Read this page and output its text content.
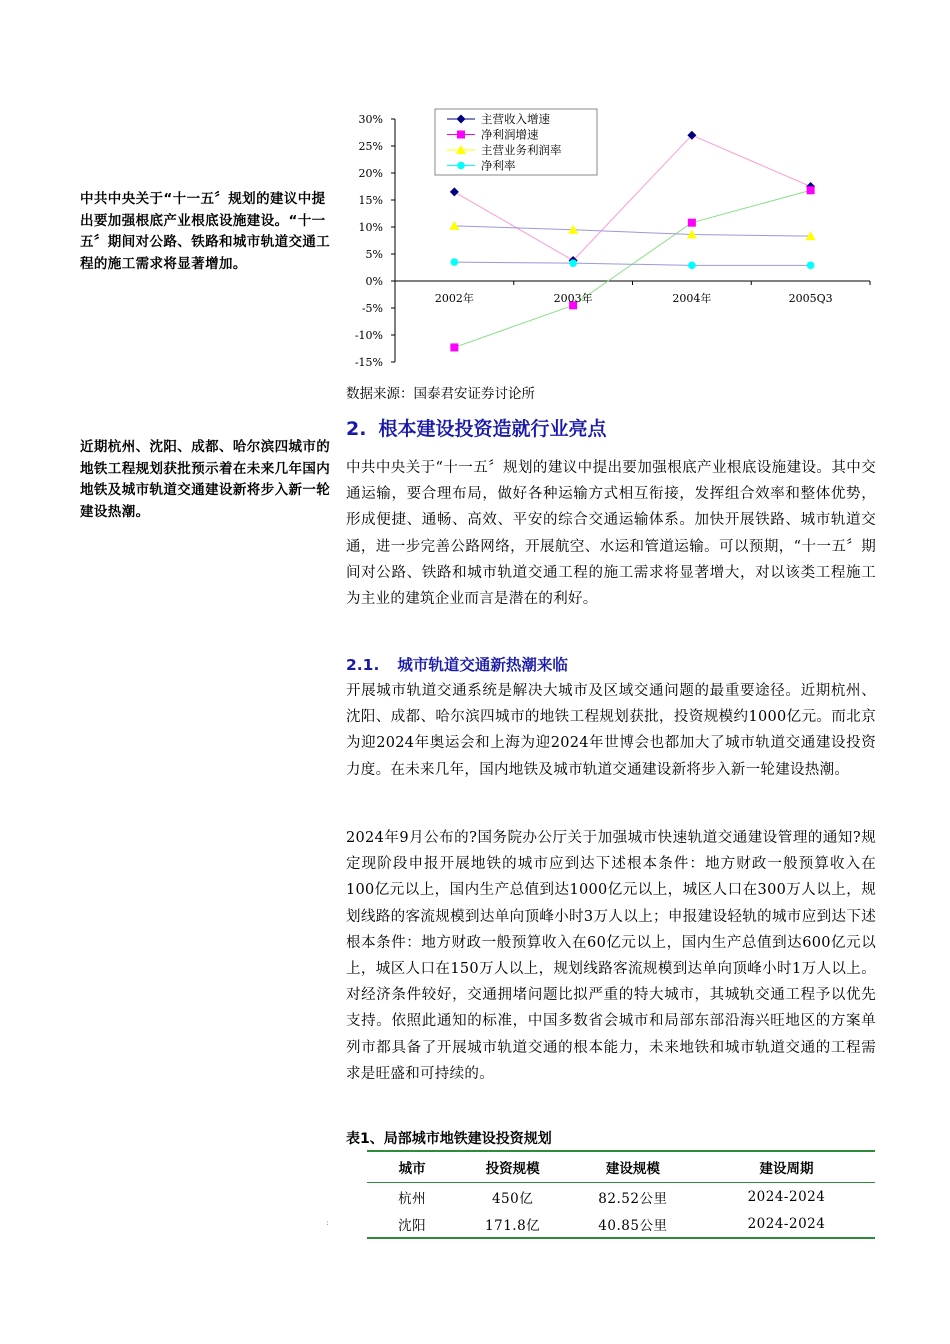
中共中央关于“十一五〞规划的建议中提出要加强根底产业根底设施建设。“十一五〞期间对公路、铁路和城市轨道交通工程的施工需求将显著增加。
近期杭州、沈阳、成都、哈尔滨四城市的地铁工程规划获批预示着在未来几年国内地铁及城市轨道交通建设新将步入新一轮建设热潮。
30%
25%
20%
15%
10%
5%
0%
-5%
-10%
-15%
2002年	2003年	2004年	2005Q3
主营收入增速
净利润增速
主营业务利润率
净利率
数据来源：国泰君安证券讨论所
2. 根本建设投资造就行业亮点
中共中央关于“十一五〞规划的建议中提出要加强根底产业根底设施建设。其中交通运输，要合理布局，做好各种运输方式相互衔接，发挥组合效率和整体优势，形成便捷、通畅、高效、平安的综合交通运输体系。加快开展铁路、城市轨道交通，进一步完善公路网络，开展航空、水运和管道运输。可以预期，“十一五〞期间对公路、铁路和城市轨道交通工程的施工需求将显著增大，对以该类工程施工为主业的建筑企业而言是潜在的利好。
2.1. 城市轨道交通新热潮来临
开展城市轨道交通系统是解决大城市及区域交通问题的最重要途径。近期杭州、沈阳、成都、哈尔滨四城市的地铁工程规划获批，投资规模约1000亿元。而北京为迎2024年奥运会和上海为迎2024年世博会也都加大了城市轨道交通建设投资力度。在未来几年，国内地铁及城市轨道交通建设新将步入新一轮建设热潮。
2024年9月公布的?国务院办公厅关于加强城市快速轨道交通建设管理的通知?规定现阶段申报开展地铁的城市应到达下述根本条件：地方财政一般预算收入在100亿元以上，国内生产总值到达1000亿元以上，城区人口在300万人以上，规划线路的客流规模到达单向顶峰小时3万人以上；申报建设轻轨的城市应到达下述根本条件：地方财政一般预算收入在60亿元以上，国内生产总值到达600亿元以上，城区人口在150万人以上，规划线路客流规模到达单向顶峰小时1万人以上。对经济条件较好，交通拥堵问题比拟严重的特大城市，其城轨交通工程予以优先支持。依照此通知的标准，中国多数省会城市和局部东部沿海兴旺地区的方案单列市都具备了开展城市轨道交通的根本能力，未来地铁和城市轨道交通的工程需求是旺盛和可持续的。
表1、局部城市地铁建设投资规划
城市	投资规模	建设规模	建设周期
杭州	450亿	82.52公里	2024-2024
沈阳	171.8亿	40.85公里	2024-2024
:
